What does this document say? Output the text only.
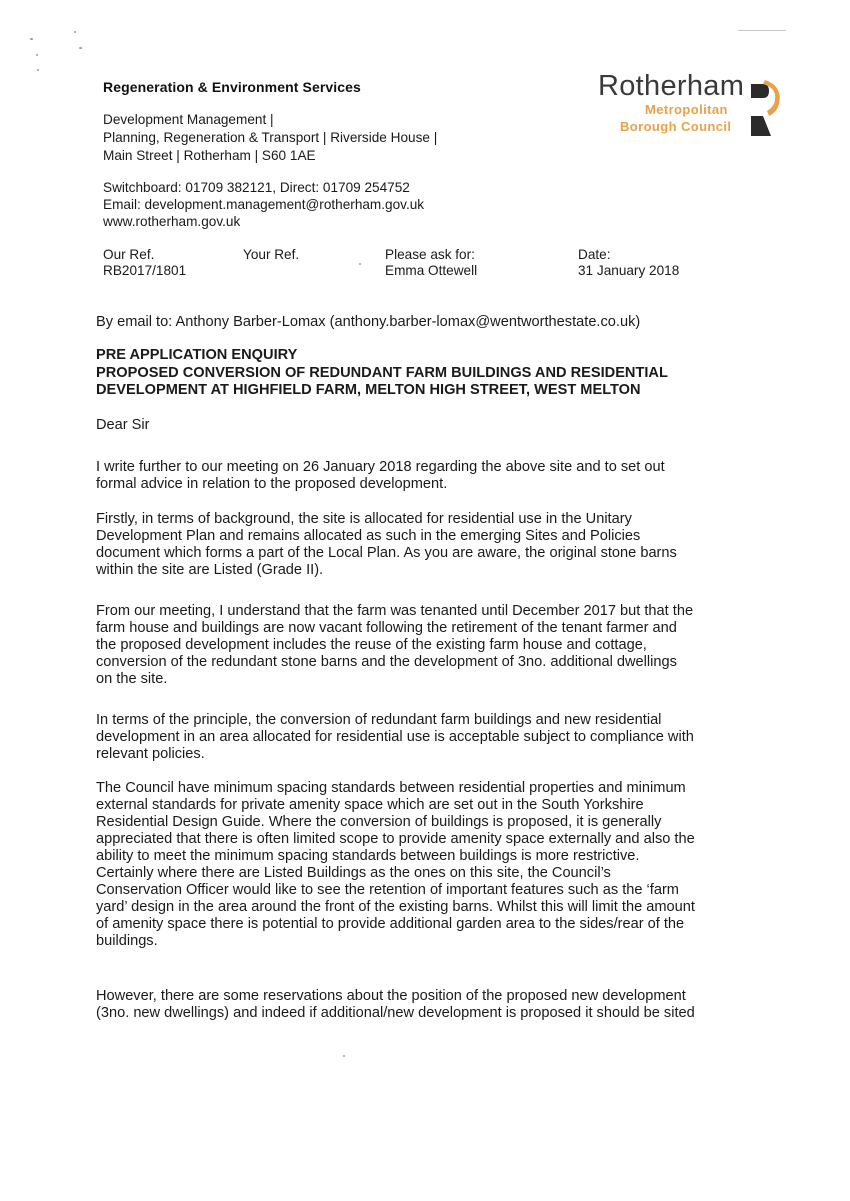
Regeneration & Environment Services
Development Management |
Planning, Regeneration & Transport | Riverside House |
Main Street | Rotherham | S60 1AE
Switchboard: 01709 382121, Direct: 01709 254752
Email: development.management@rotherham.gov.uk
www.rotherham.gov.uk
Rotherham
Metropolitan
Borough Council
Our Ref.
RB2017/1801
Your Ref.	Please ask for:
Emma Ottewell
Date:
31 January 2018
By email to: Anthony Barber-Lomax (anthony.barber-lomax@wentworthestate.co.uk)
PRE APPLICATION ENQUIRY
PROPOSED CONVERSION OF REDUNDANT FARM BUILDINGS AND RESIDENTIAL
DEVELOPMENT AT HIGHFIELD FARM, MELTON HIGH STREET, WEST MELTON
Dear Sir
I write further to our meeting on 26 January 2018 regarding the above site and to set out
formal advice in relation to the proposed development.
Firstly, in terms of background, the site is allocated for residential use in the Unitary
Development Plan and remains allocated as such in the emerging Sites and Policies
document which forms a part of the Local Plan. As you are aware, the original stone barns
within the site are Listed (Grade II).
From our meeting, I understand that the farm was tenanted until December 2017 but that the
farm house and buildings are now vacant following the retirement of the tenant farmer and
the proposed development includes the reuse of the existing farm house and cottage,
conversion of the redundant stone barns and the development of 3no. additional dwellings
on the site.
In terms of the principle, the conversion of redundant farm buildings and new residential
development in an area allocated for residential use is acceptable subject to compliance with
relevant policies.
The Council have minimum spacing standards between residential properties and minimum
external standards for private amenity space which are set out in the South Yorkshire
Residential Design Guide. Where the conversion of buildings is proposed, it is generally
appreciated that there is often limited scope to provide amenity space externally and also the
ability to meet the minimum spacing standards between buildings is more restrictive.
Certainly where there are Listed Buildings as the ones on this site, the Council’s
Conservation Officer would like to see the retention of important features such as the ‘farm
yard’ design in the area around the front of the existing barns. Whilst this will limit the amount
of amenity space there is potential to provide additional garden area to the sides/rear of the
buildings.
However, there are some reservations about the position of the proposed new development
(3no. new dwellings) and indeed if additional/new development is proposed it should be sited
